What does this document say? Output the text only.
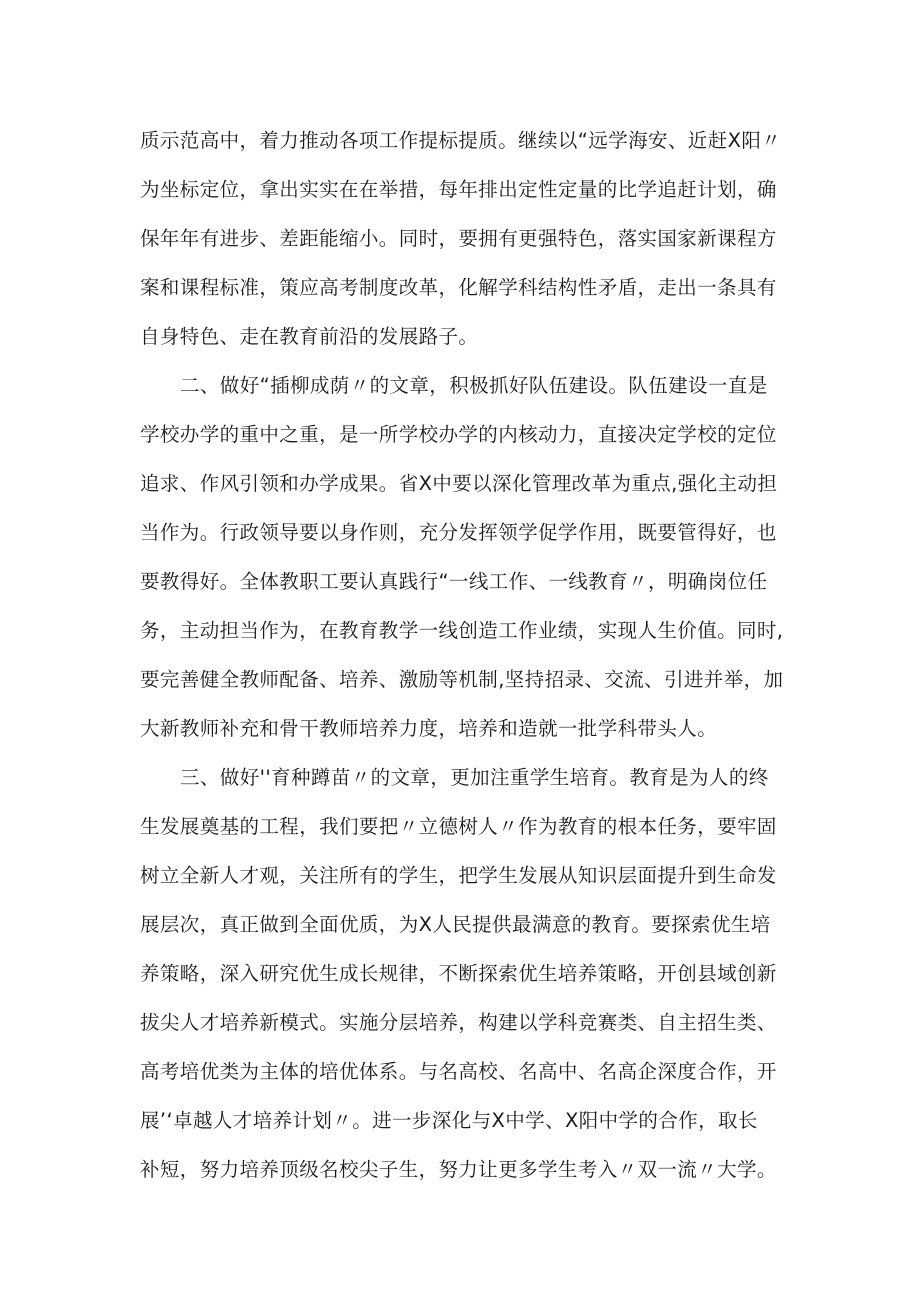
质示范高中，着力推动各项工作提标提质。继续以“远学海安、近赶X阳〃
为坐标定位，拿出实实在在举措，每年排出定性定量的比学追赶计划，确
保年年有进步、差距能缩小。同时，要拥有更强特色，落实国家新课程方
案和课程标准，策应高考制度改革，化解学科结构性矛盾，走出一条具有
自身特色、走在教育前沿的发展路子。
二、做好“插柳成荫〃的文章，积极抓好队伍建设。队伍建设一直是
学校办学的重中之重，是一所学校办学的内核动力，直接决定学校的定位
追求、作风引领和办学成果。省X中要以深化管理改革为重点,强化主动担
当作为。行政领导要以身作则，充分发挥领学促学作用，既要管得好，也
要教得好。全体教职工要认真践行“一线工作、一线教育〃，明确岗位任
务，主动担当作为，在教育教学一线创造工作业绩，实现人生价值。同时,
要完善健全教师配备、培养、激励等机制,坚持招录、交流、引进并举，加
大新教师补充和骨干教师培养力度，培养和造就一批学科带头人。
三、做好''育种蹲苗〃的文章，更加注重学生培育。教育是为人的终
生发展奠基的工程，我们要把〃立德树人〃作为教育的根本任务，要牢固
树立全新人才观，关注所有的学生，把学生发展从知识层面提升到生命发
展层次，真正做到全面优质，为X人民提供最满意的教育。要探索优生培
养策略，深入研究优生成长规律，不断探索优生培养策略，开创县域创新
拔尖人才培养新模式。实施分层培养，构建以学科竞赛类、自主招生类、
高考培优类为主体的培优体系。与名高校、名高中、名高企深度合作，开
展’‘卓越人才培养计划〃。进一步深化与X中学、X阳中学的合作，取长
补短，努力培养顶级名校尖子生，努力让更多学生考入〃双一流〃大学。
